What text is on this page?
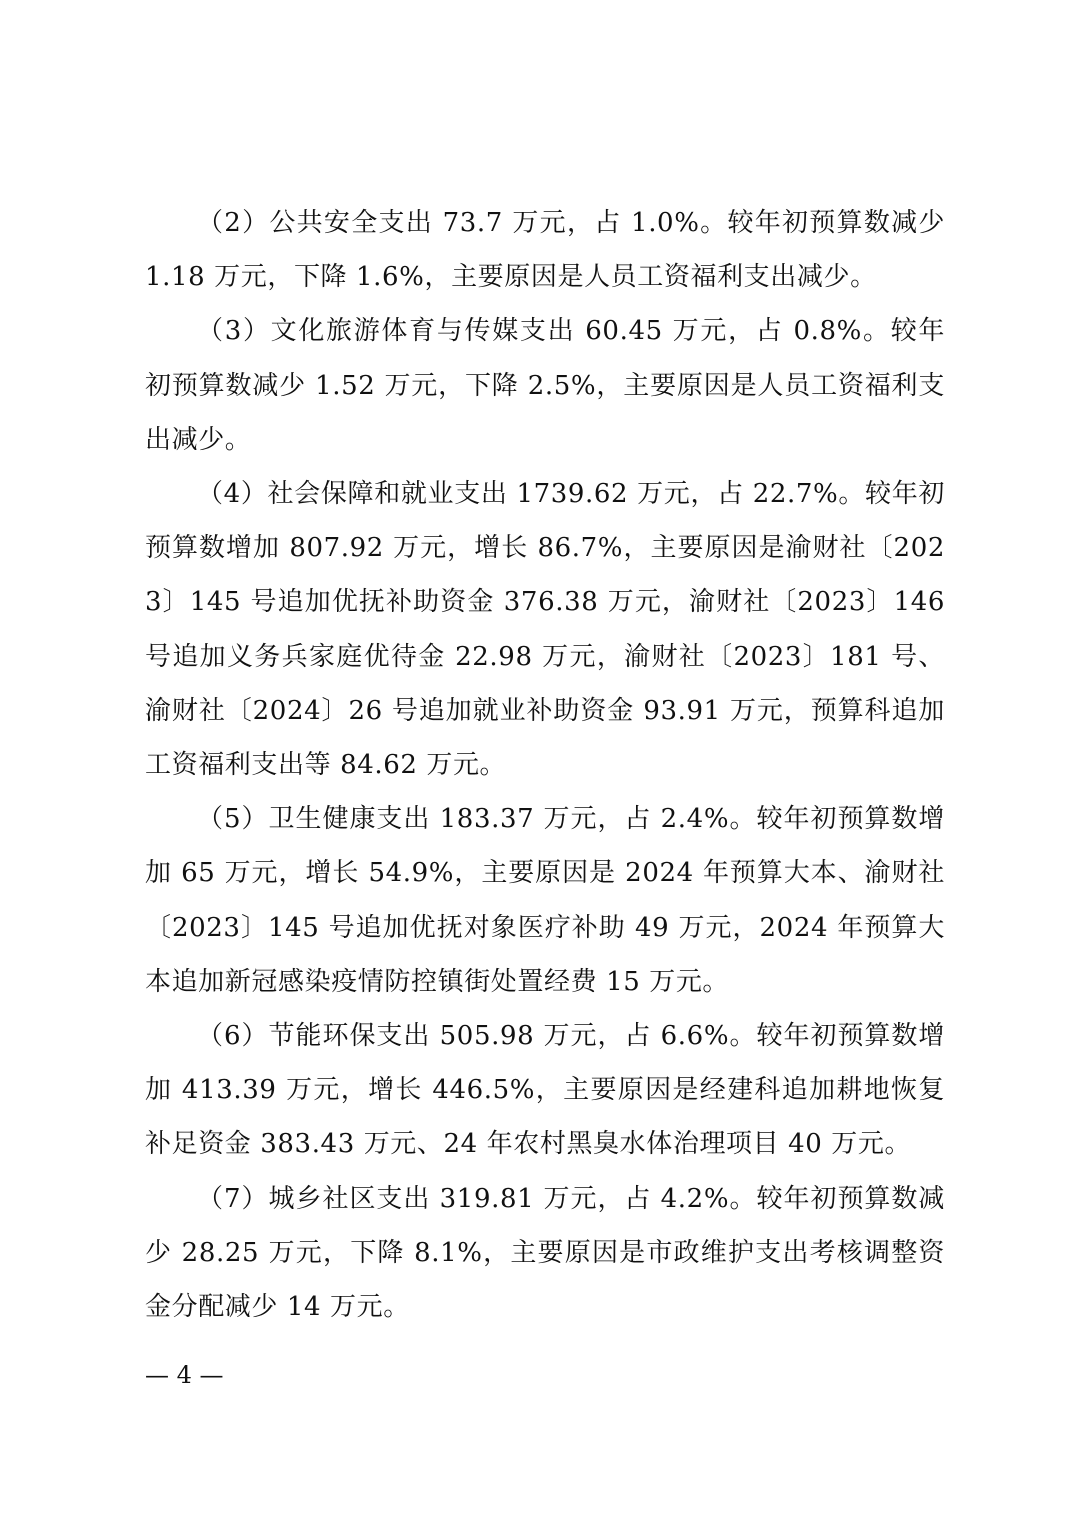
（2）公共安全支出 73.7 万元，占 1.0%。较年初预算数减少 1.18 万元，下降 1.6%，主要原因是人员工资福利支出减少。

（3）文化旅游体育与传媒支出 60.45 万元，占 0.8%。较年初预算数减少 1.52 万元，下降 2.5%，主要原因是人员工资福利支出减少。

（4）社会保障和就业支出 1739.62 万元，占 22.7%。较年初预算数增加 807.92 万元，增长 86.7%，主要原因是渝财社〔2023〕145 号追加优抚补助资金 376.38 万元，渝财社〔2023〕146 号追加义务兵家庭优待金 22.98 万元，渝财社〔2023〕181 号、渝财社〔2024〕26 号追加就业补助资金 93.91 万元，预算科追加工资福利支出等 84.62 万元。

（5）卫生健康支出 183.37 万元，占 2.4%。较年初预算数增加 65 万元，增长 54.9%，主要原因是 2024 年预算大本、渝财社〔2023〕145 号追加优抚对象医疗补助 49 万元，2024 年预算大本追加新冠感染疫情防控镇街处置经费 15 万元。

（6）节能环保支出 505.98 万元，占 6.6%。较年初预算数增加 413.39 万元，增长 446.5%，主要原因是经建科追加耕地恢复补足资金 383.43 万元、24 年农村黑臭水体治理项目 40 万元。

（7）城乡社区支出 319.81 万元，占 4.2%。较年初预算数减少 28.25 万元，下降 8.1%，主要原因是市政维护支出考核调整资金分配减少 14 万元。

— 4 —
